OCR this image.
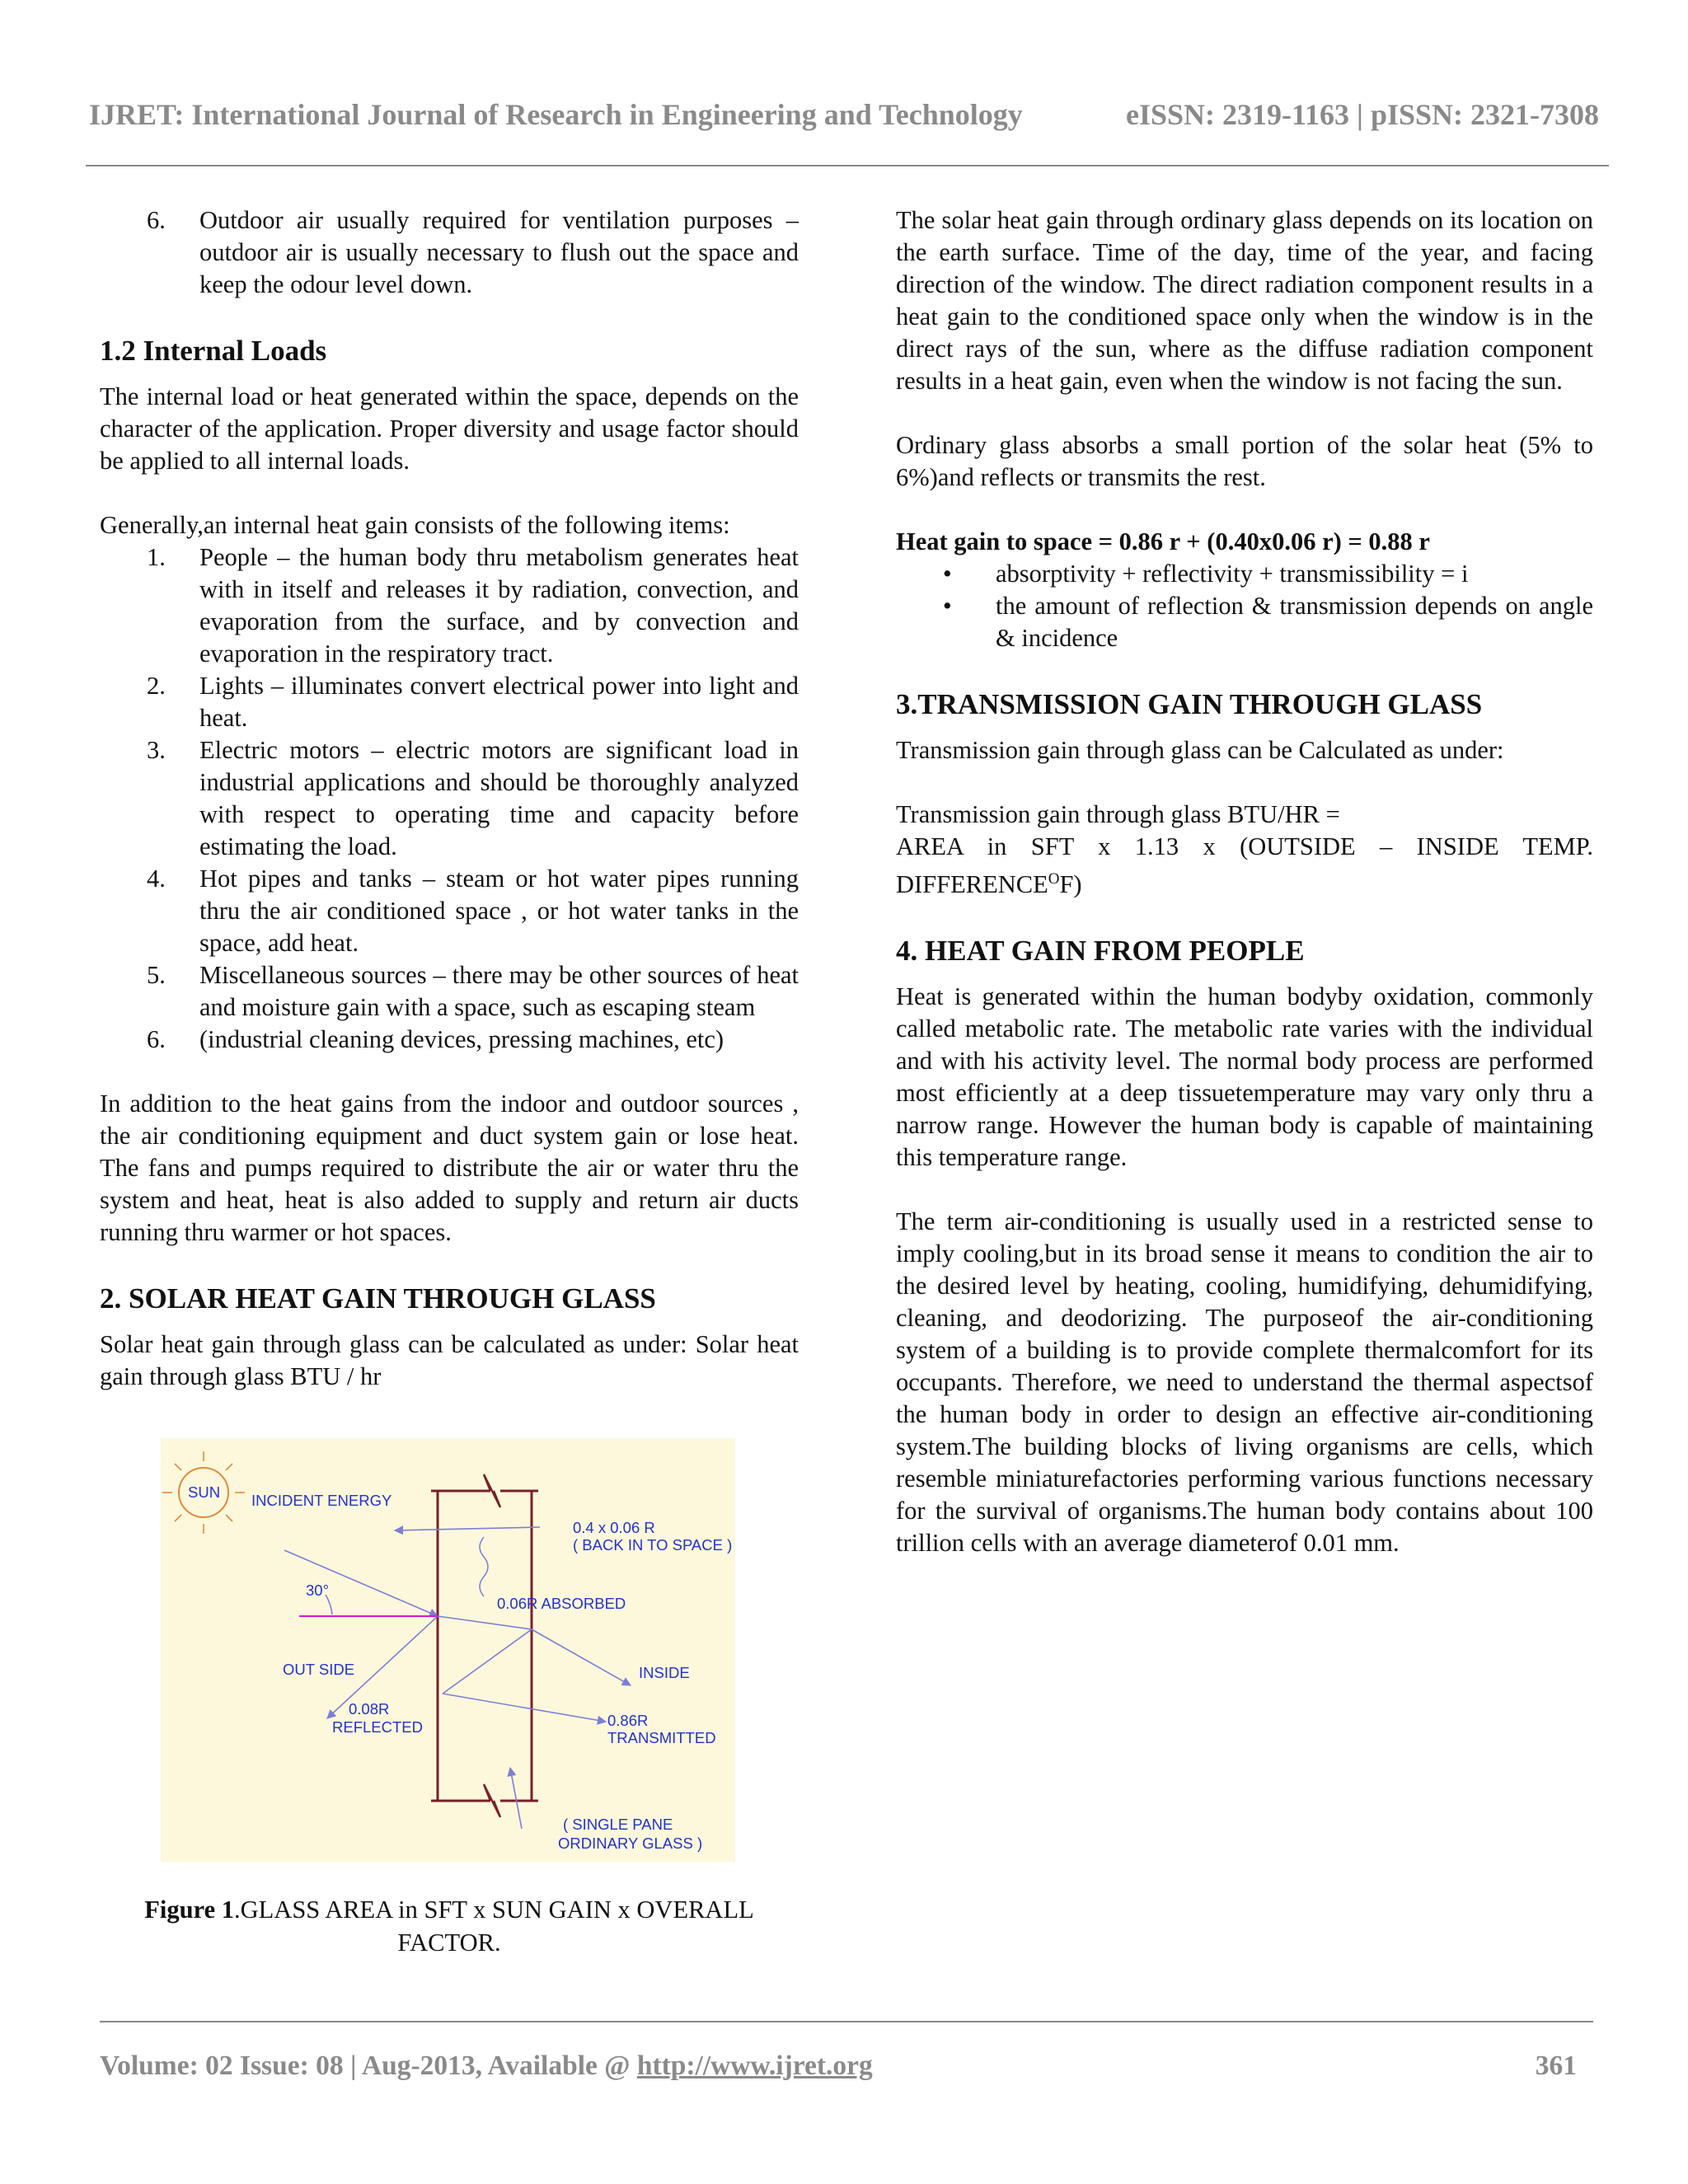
IJRET: International Journal of Research in Engineering and Technology	eISSN: 2319-1163 | pISSN: 2321-7308
6. Outdoor air usually required for ventilation purposes – outdoor air is usually necessary to flush out the space and keep the odour level down.
1.2 Internal Loads

The internal load or heat generated within the space, depends on the character of the application. Proper diversity and usage factor should be applied to all internal loads.

Generally,an internal heat gain consists of the following items:

1. People – the human body thru metabolism generates heat with in itself and releases it by radiation, convection, and evaporation from the surface, and by convection and evaporation in the respiratory tract.
2. Lights – illuminates convert electrical power into light and heat.
3. Electric motors – electric motors are significant load in industrial applications and should be thoroughly analyzed with respect to operating time and capacity before estimating the load.
4. Hot pipes and tanks – steam or hot water pipes running thru the air conditioned space , or hot water tanks in the space, add heat.
5. Miscellaneous sources – there may be other sources of heat and moisture gain with a space, such as escaping steam
6. (industrial cleaning devices, pressing machines, etc)

In addition to the heat gains from the indoor and outdoor sources , the air conditioning equipment and duct system gain or lose heat. The fans and pumps required to distribute the air or water thru the system and heat, heat is also added to supply and return air ducts running thru warmer or hot spaces.

2. SOLAR HEAT GAIN THROUGH GLASS

Solar heat gain through glass can be calculated as under: Solar heat gain through glass BTU / hr

SUN INCIDENT ENERGY
0.4 x 0.06 R
( BACK IN TO SPACE )
30°
0.06R ABSORBED
OUT SIDE	INSIDE
0.08R
REFLECTED	0.86R
TRANSMITTED
( SINGLE PANE
ORDINARY GLASS )
Figure 1.GLASS AREA in SFT x SUN GAIN x OVERALL
FACTOR.

The solar heat gain through ordinary glass depends on its location on the earth surface. Time of the day, time of the year, and facing direction of the window. The direct radiation component results in a heat gain to the conditioned space only when the window is in the direct rays of the sun, where as the diffuse radiation component results in a heat gain, even when the window is not facing the sun.

Ordinary glass absorbs a small portion of the solar heat (5% to 6%)and reflects or transmits the rest.

Heat gain to space = 0.86 r + (0.40x0.06 r) = 0.88 r

• absorptivity + reflectivity + transmissibility = i
• the amount of reflection & transmission depends on angle & incidence
3.TRANSMISSION GAIN THROUGH GLASS

Transmission gain through glass can be Calculated as under:

Transmission gain through glass BTU/HR =

AREA in SFT x 1.13 x (OUTSIDE – INSIDE TEMP. $DIFFERENCE^OF$)

4. HEAT GAIN FROM PEOPLE

Heat is generated within the human bodyby oxidation, commonly called metabolic rate. The metabolic rate varies with the individual and with his activity level. The normal body process are performed most efficiently at a deep tissuetemperature may vary only thru a narrow range. However the human body is capable of maintaining this temperature range.

The term air-conditioning is usually used in a restricted sense to imply cooling,but in its broad sense it means to condition the air to the desired level by heating, cooling, humidifying, dehumidifying, cleaning, and deodorizing. The purposeof the air-conditioning system of a building is to provide complete thermalcomfort for its occupants. Therefore, we need to understand the thermal aspectsof the human body in order to design an effective air-conditioning system.The building blocks of living organisms are cells, which resemble miniaturefactories performing various functions necessary for the survival of organisms.The human body contains about 100 trillion cells with an average diameterof 0.01 mm.

Volume: 02 Issue: 08 | Aug-2013, Available @ http://www.ijret.org	361
